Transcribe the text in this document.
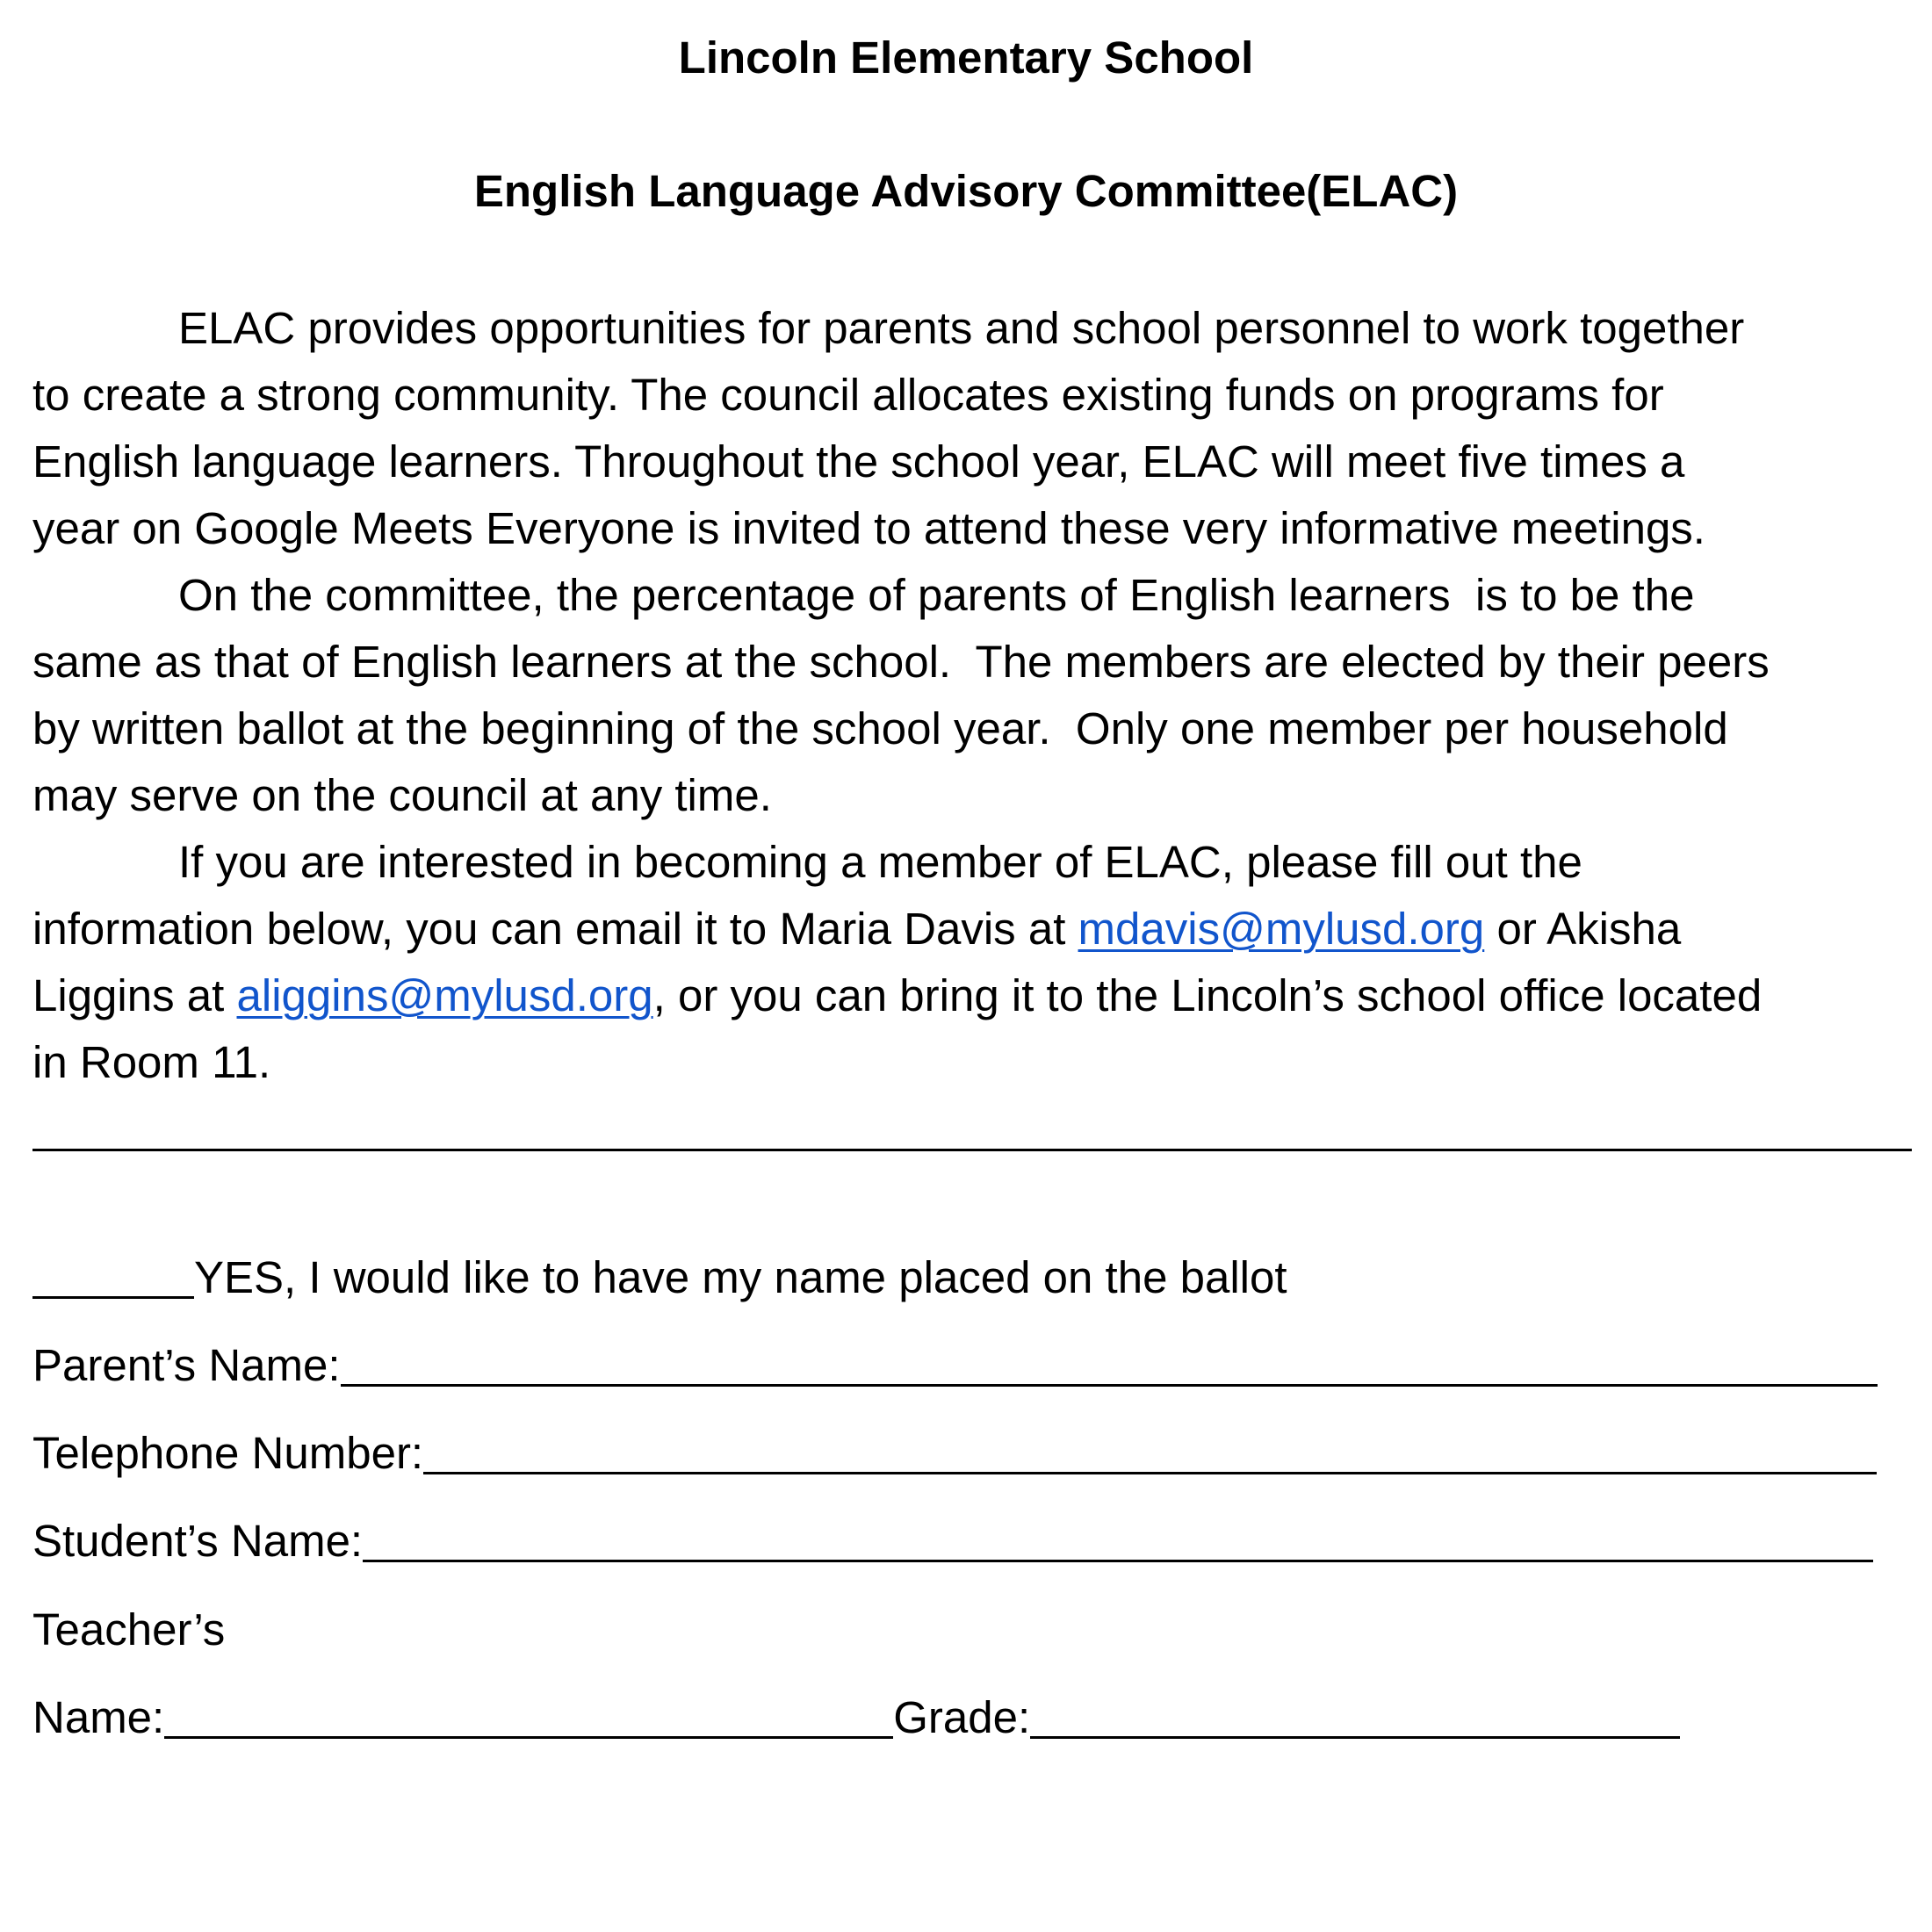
Lincoln Elementary School
English Language Advisory Committee(ELAC)
ELAC provides opportunities for parents and school personnel to work together
to create a strong community. The council allocates existing funds on programs for
English language learners. Throughout the school year, ELAC will meet five times a
year on Google Meets Everyone is invited to attend these very informative meetings.
On the committee, the percentage of parents of English learners  is to be the
same as that of English learners at the school.  The members are elected by their peers
by written ballot at the beginning of the school year.  Only one member per household
may serve on the council at any time.
If you are interested in becoming a member of ELAC, please fill out the
information below, you can email it to Maria Davis at mdavis@mylusd.org or Akisha
Liggins at aliggins@mylusd.org, or you can bring it to the Lincoln’s school office located
in Room 11.
YES, I would like to have my name placed on the ballot
Parent’s Name:
Telephone Number:
Student’s Name:
Teacher’s
Name:	Grade:
